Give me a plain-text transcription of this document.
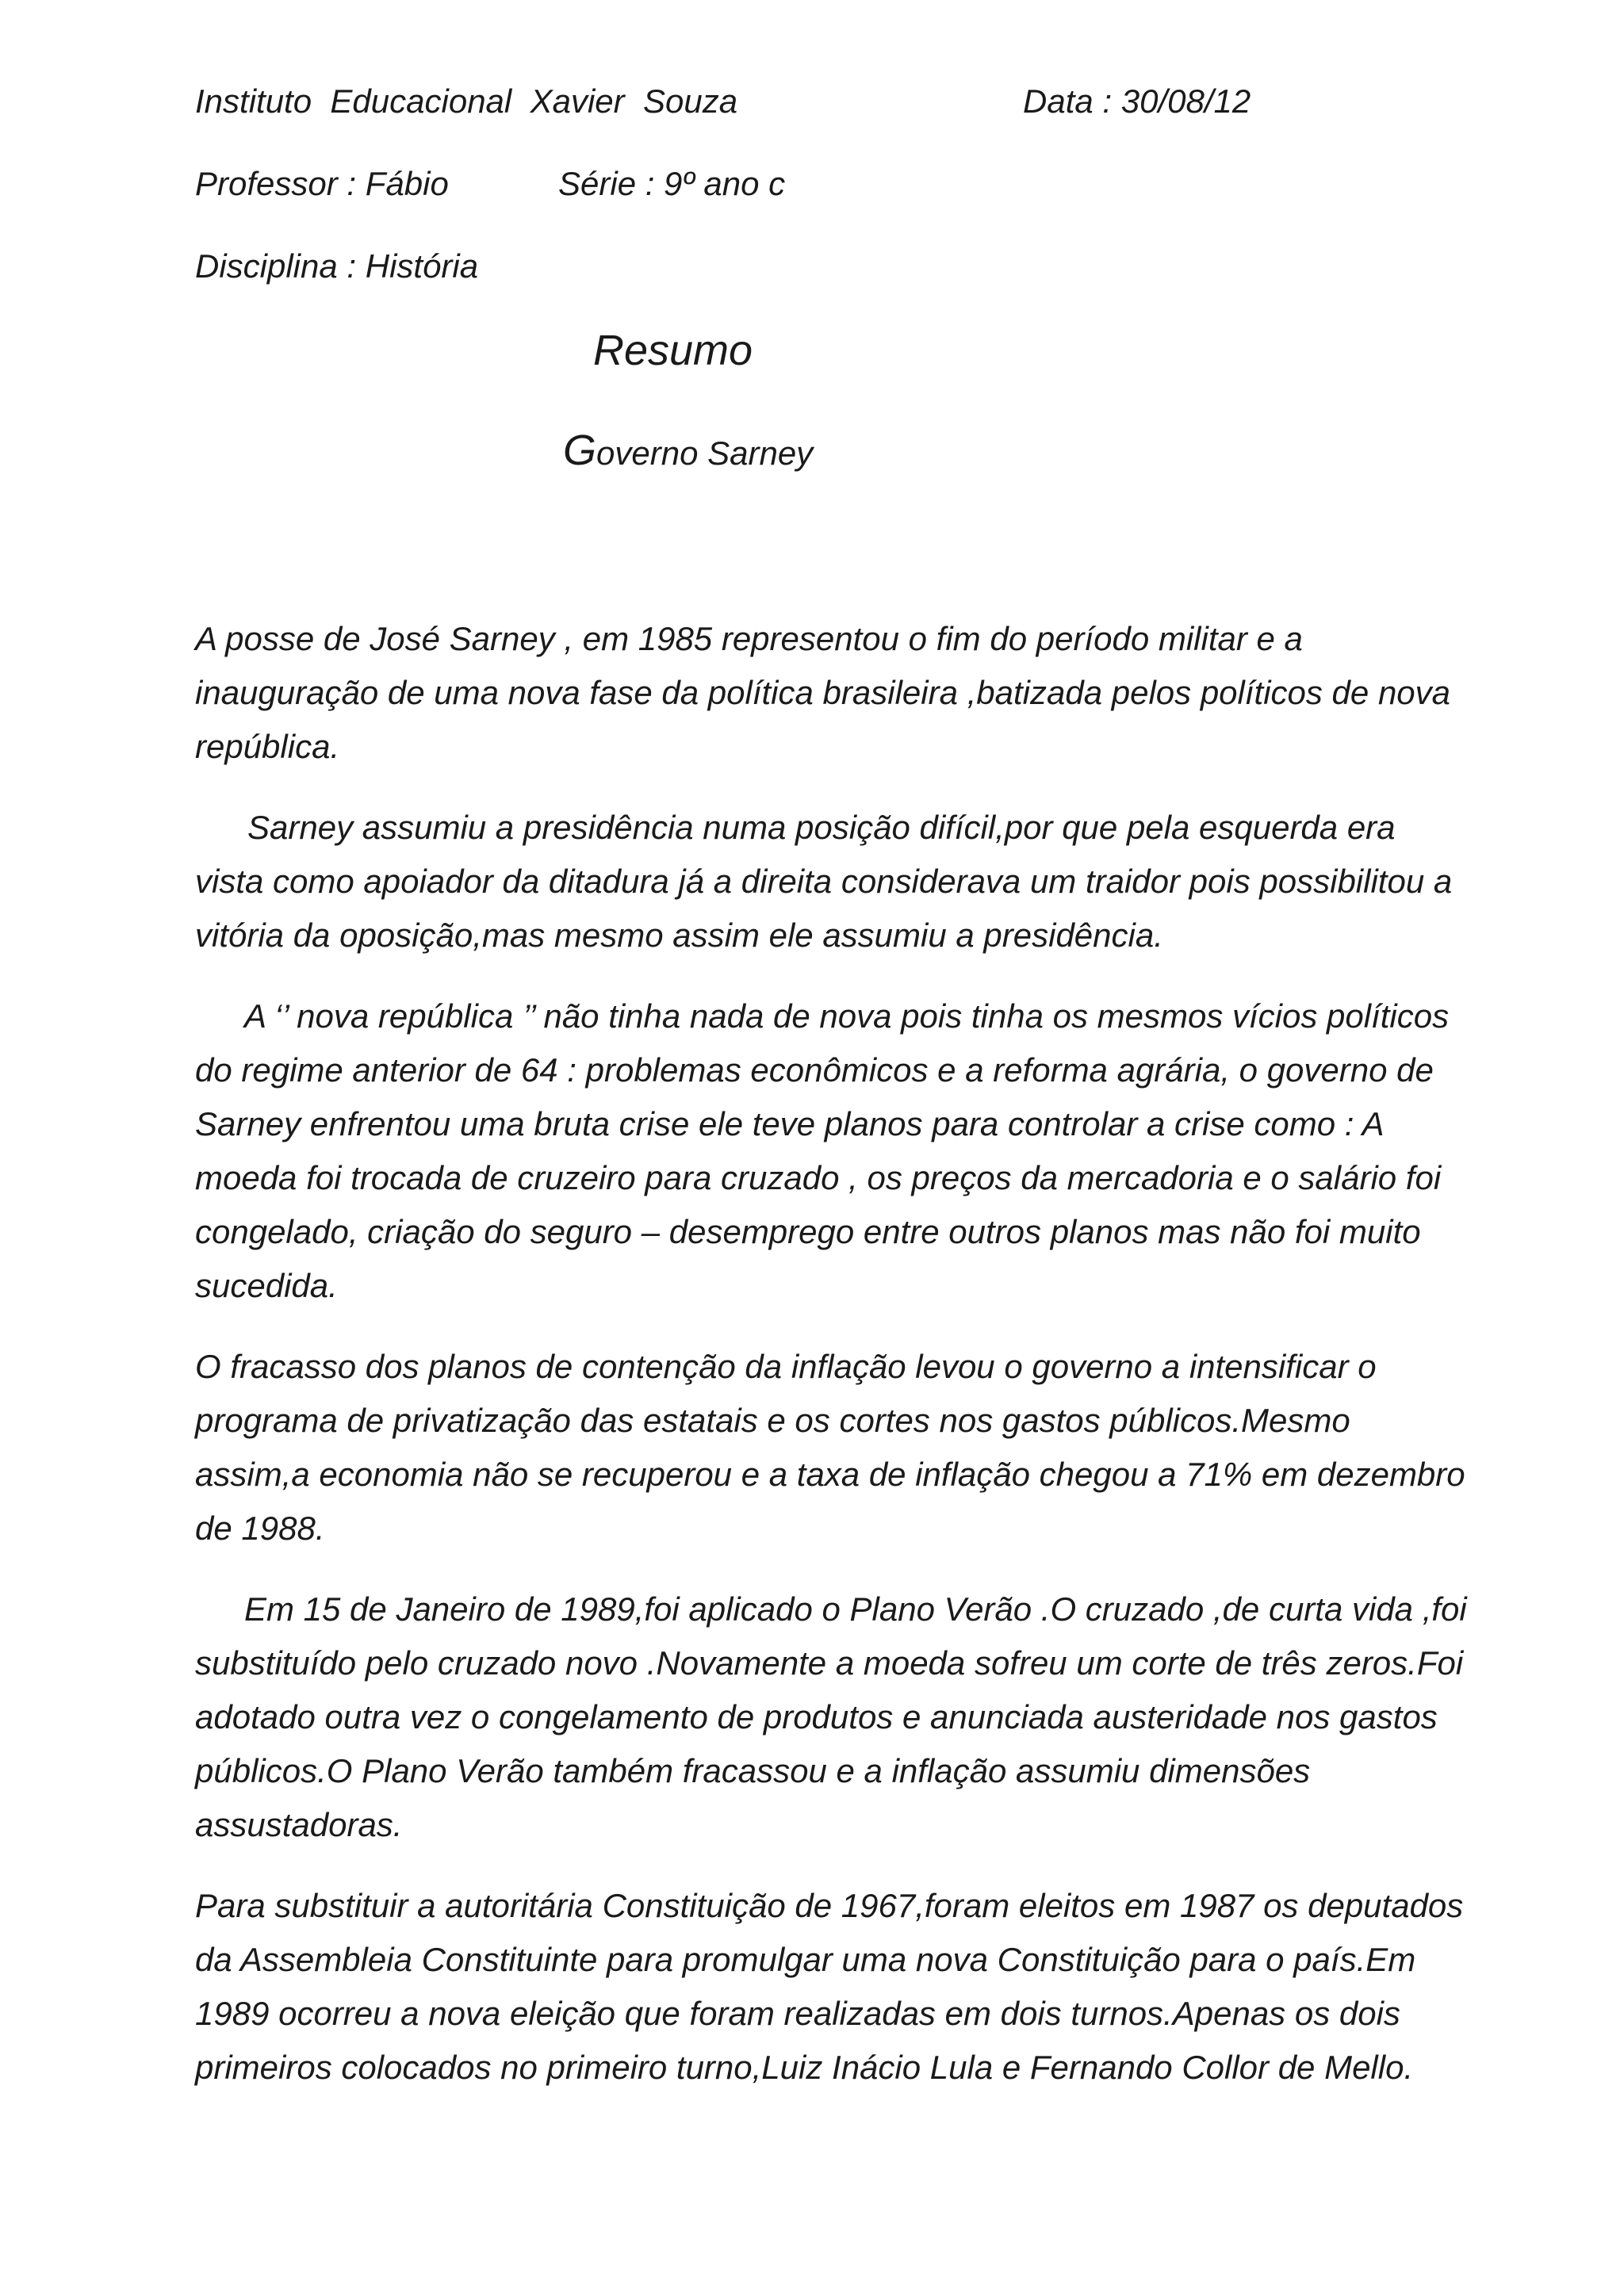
Instituto  Educacional  Xavier  Souza	Data : 30/08/12
Professor : Fábio	Série : 9º ano c
Disciplina : História
Resumo
Governo Sarney

A posse de José Sarney , em 1985 representou o fim do período militar e a inauguração de uma nova fase da política brasileira ,batizada pelos políticos de nova república.

Sarney assumiu a presidência numa posição difícil,por que pela esquerda era vista como apoiador da ditadura já a direita considerava um traidor pois possibilitou a vitória da oposição,mas mesmo assim ele assumiu a presidência.

A ‘’ nova república ’’ não tinha nada de nova pois tinha os mesmos vícios políticos do regime anterior de 64 : problemas econômicos e a reforma agrária, o governo de Sarney enfrentou uma bruta crise ele teve planos para controlar a crise como : A moeda foi trocada de cruzeiro para cruzado , os preços da mercadoria e o salário foi congelado, criação do seguro – desemprego entre outros planos mas não foi muito sucedida.

O fracasso dos planos de contenção da inflação levou o governo a intensificar o programa de privatização das estatais e os cortes nos gastos públicos.Mesmo assim,a economia não se recuperou e a taxa de inflação chegou a 71% em dezembro de 1988.

Em 15 de Janeiro de 1989,foi aplicado o Plano Verão .O cruzado ,de curta vida ,foi substituído pelo cruzado novo .Novamente a moeda sofreu um corte de três zeros.Foi adotado outra vez o congelamento de produtos e anunciada austeridade nos gastos públicos.O Plano Verão também fracassou e a inflação assumiu dimensões assustadoras.

Para substituir a autoritária Constituição de 1967,foram eleitos em 1987 os deputados da Assembleia Constituinte para promulgar uma nova Constituição para o país.Em 1989 ocorreu a nova eleição que foram realizadas em dois turnos.Apenas os dois primeiros colocados no primeiro turno,Luiz Inácio Lula e Fernando Collor de Mello.
